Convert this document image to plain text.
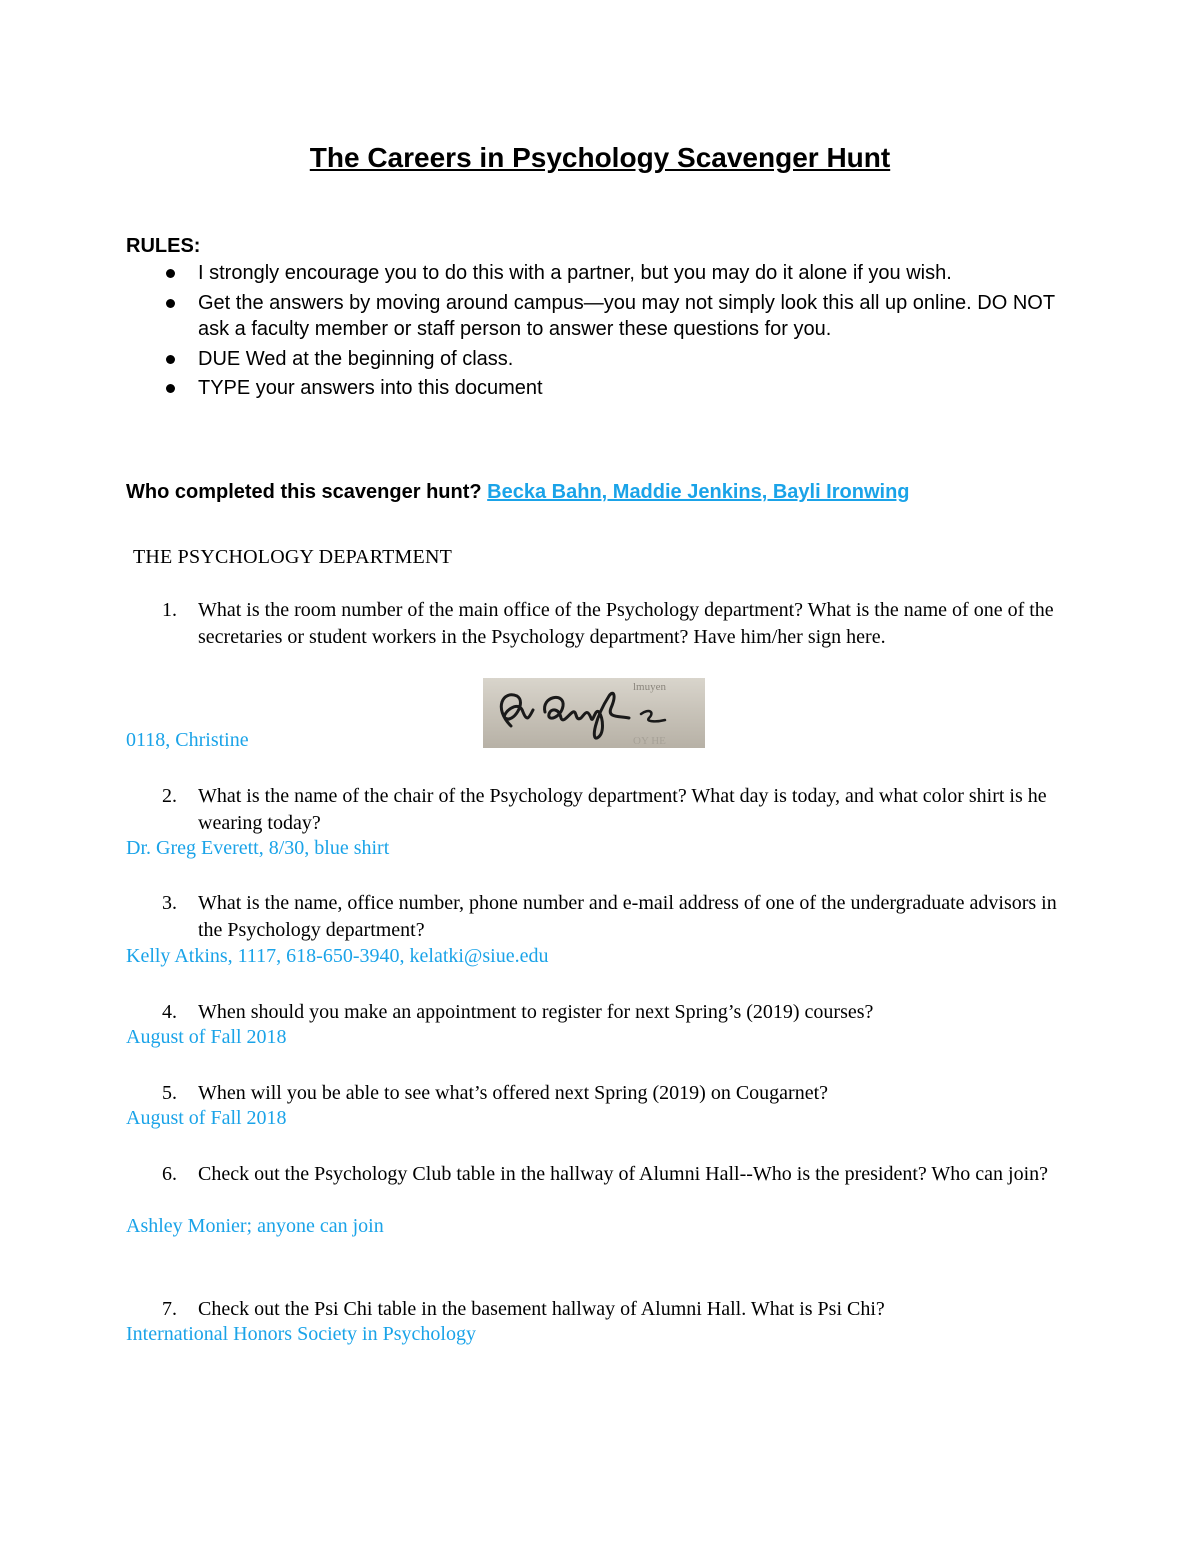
The Careers in Psychology Scavenger Hunt
RULES:
I strongly encourage you to do this with a partner, but you may do it alone if you wish.
Get the answers by moving around campus—you may not simply look this all up online. DO NOT ask a faculty member or staff person to answer these questions for you.
DUE Wed at the beginning of class.
TYPE your answers into this document
Who completed this scavenger hunt? Becka Bahn, Maddie Jenkins, Bayli Ironwing
THE PSYCHOLOGY DEPARTMENT
1. What is the room number of the main office of the Psychology department? What is the name of one of the secretaries or student workers in the Psychology department? Have him/her sign here.
lmuyen
OY HE
0118, Christine
2. What is the name of the chair of the Psychology department? What day is today, and what color shirt is he wearing today?
Dr. Greg Everett, 8/30, blue shirt
3. What is the name, office number, phone number and e-mail address of one of the undergraduate advisors in the Psychology department?
Kelly Atkins, 1117, 618-650-3940, kelatki@siue.edu
4. When should you make an appointment to register for next Spring’s (2019) courses?
August of Fall 2018
5. When will you be able to see what’s offered next Spring (2019) on Cougarnet?
August of Fall 2018
6. Check out the Psychology Club table in the hallway of Alumni Hall--Who is the president? Who can join?
Ashley Monier; anyone can join
7. Check out the Psi Chi table in the basement hallway of Alumni Hall. What is Psi Chi?
International Honors Society in Psychology
